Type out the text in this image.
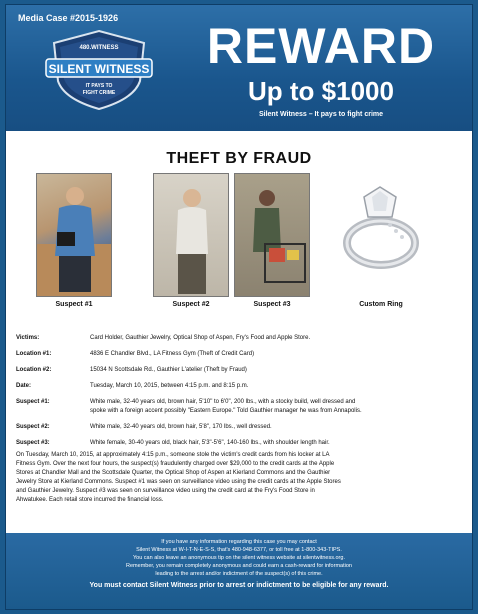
Media Case #2015-1926
480.WITNESS
SILENT WITNESS
IT PAYS TO
FIGHT CRIME
REWARD
Up to $1000
Silent Witness – It pays to fight crime
THEFT BY FRAUD
Suspect #1	Suspect #2	Suspect #3	Custom Ring
Victims:	Card Holder, Gauthier Jewelry, Optical Shop of Aspen, Fry's Food and Apple Store.
Location #1:	4836 E Chandler Blvd., LA Fitness Gym (Theft of Credit Card)
Location #2:	15034 N Scottsdale Rd., Gauthier L'atelier (Theft by Fraud)
Date:	Tuesday, March 10, 2015, between 4:15 p.m. and 8:15 p.m.
Suspect #1:	White male, 32-40 years old, brown hair, 5'10" to 6'0", 200 lbs., with a stocky build, well dressed and
spoke with a foreign accent possibly "Eastern Europe." Told Gauthier manager he was from Annapolis.
Suspect #2:	White male, 32-40 years old, brown hair, 5'8", 170 lbs., well dressed.
Suspect #3:	White female, 30-40 years old, black hair, 5'3"-5'6", 140-160 lbs., with shoulder length hair.
On Tuesday, March 10, 2015, at approximately 4:15 p.m., someone stole the victim's credit cards from his locker at LA
Fitness Gym. Over the next four hours, the suspect(s) fraudulently charged over $29,000 to the credit cards at the Apple
Stores at Chandler Mall and the Scottsdale Quarter, the Optical Shop of Aspen at Kierland Commons and the Gauthier
Jewelry Store at Kierland Commons. Suspect #1 was seen on surveillance video using the credit cards at the Apple Stores
and Gauthier Jewelry. Suspect #3 was seen on surveillance video using the credit card at the Fry's Food Store in
Ahwatukee. Each retail store incurred the financial loss.
If you have any information regarding this case you may contact
Silent Witness at W-I-T-N-E-S-S, that's 480-948-6377, or toll free at 1-800-343-TIPS.
You can also leave an anonymous tip on the silent witness website at silentwitness.org.
Remember, you remain completely anonymous and could earn a cash-reward for information
leading to the arrest and/or indictment of the suspect(s) of this crime.
You must contact Silent Witness prior to arrest or indictment to be eligible for any reward.
